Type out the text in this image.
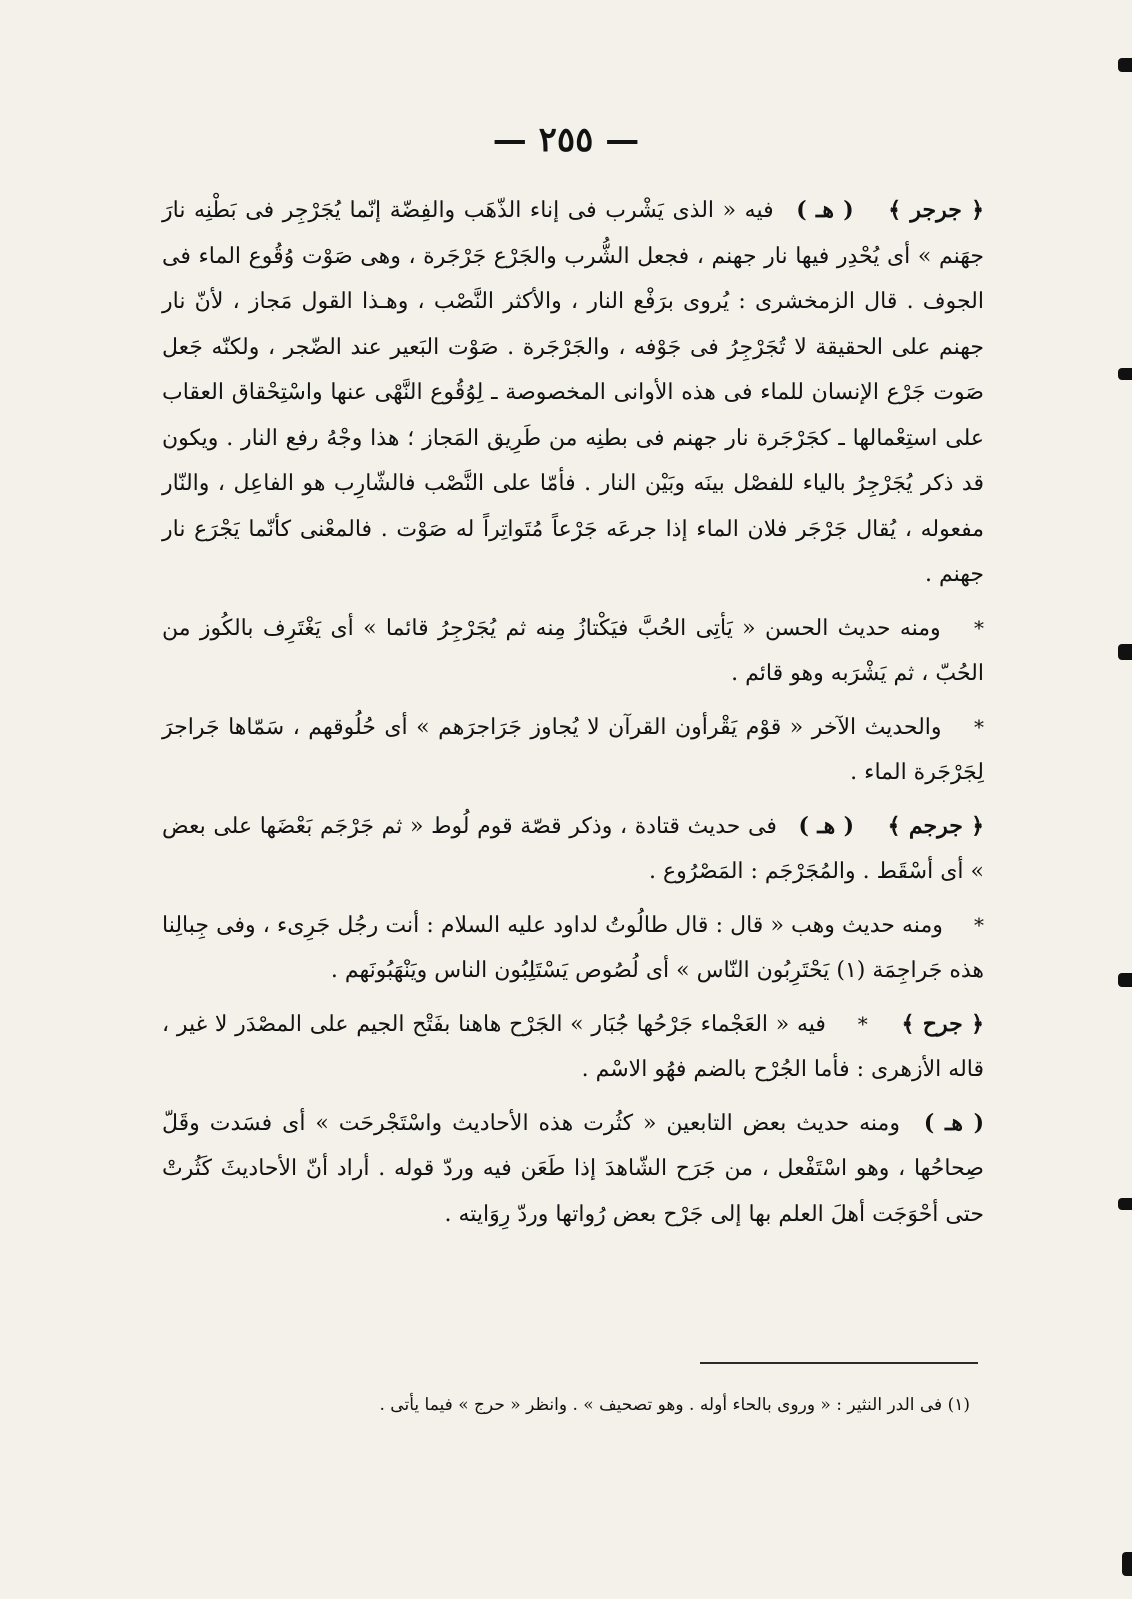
— ٢٥٥ —

﴿ جرجر ﴾ ( هـ ) فيه « الذى يَشْرب فى إناء الذّهَب والفِضّة إنّما يُجَرْجِر فى بَطْنِه نارَ جهَنم » أى يُحْدِر فيها نار جهنم ، فجعل الشُّرب والجَرْع جَرْجَرة ، وهى صَوْت وُقُوع الماء فى الجوف . قال الزمخشرى : يُروى برَفْع النار ، والأكثر النَّصْب ، وهـذا القول مَجاز ، لأنّ نار جهنم على الحقيقة لا تُجَرْجِرُ فى جَوْفه ، والجَرْجَرة . صَوْت البَعير عند الضّجر ، ولكنّه جَعل صَوت جَرْع الإنسان للماء فى هذه الأوانى المخصوصة ـ لِوُقُوع النَّهْى عنها واسْتِحْقاق العقاب على استِعْمالها ـ كجَرْجَرة نار جهنم فى بطنِه من طَرِيق المَجاز ؛ هذا وجْهُ رفع النار . ويكون قد ذكر يُجَرْجِرُ بالياء للفصْل بينَه وبَيْن النار . فأمّا على النَّصْب فالشّارِب هو الفاعِل ، والنّار مفعوله ، يُقال جَرْجَر فلان الماء إذا جرعَه جَرْعاً مُتَواتِراً له صَوْت . فالمعْنى كأنّما يَجْرَع نار جهنم .

* ومنه حديث الحسن « يَأتِى الحُبَّ فيَكْتازُ مِنه ثم يُجَرْجِرُ قائما » أى يَغْتَرِف بالكُوز من الحُبّ ، ثم يَشْرَبه وهو قائم .

* والحديث الآخر « قوْم يَقْرأون القرآن لا يُجاوز جَرَاجرَهم » أى حُلُوقهم ، سَمّاها جَراجرَ لِجَرْجَرة الماء .

﴿ جرجم ﴾ ( هـ ) فى حديث قتادة ، وذكر قصّة قوم لُوط « ثم جَرْجَم بَعْضَها على بعض » أى أسْقَط . والمُجَرْجَم : المَصْرُوع .

* ومنه حديث وهب « قال : قال طالُوتُ لداود عليه السلام : أنت رجُل جَرِىء ، وفى جِبالِنا هذه جَراجِمَة (١) يَحْتَرِبُون النّاس » أى لُصُوص يَسْتَلِبُون الناس ويَنْهَبُونَهم .

﴿ جرح ﴾ * فيه « العَجْماء جَرْحُها جُبَار » الجَرْح هاهنا بفَتْح الجيم على المصْدَر لا غير ، قاله الأزهرى : فأما الجُرْح بالضم فهُو الاسْم .

( هـ ) ومنه حديث بعض التابعين « كثُرت هذه الأحاديث واسْتَجْرحَت » أى فسَدت وقَلّ صِحاحُها ، وهو اسْتَفْعل ، من جَرَح الشّاهدَ إذا طَعَن فيه وردّ قوله . أراد أنّ الأحاديثَ كَثُرتْ حتى أحْوَجَت أهلَ العلم بها إلى جَرْح بعض رُواتها وردّ رِوَايته .

(١) فى الدر النثير : « وروى بالحاء أوله . وهو تصحيف » . وانظر « حرج » فيما يأتى .
